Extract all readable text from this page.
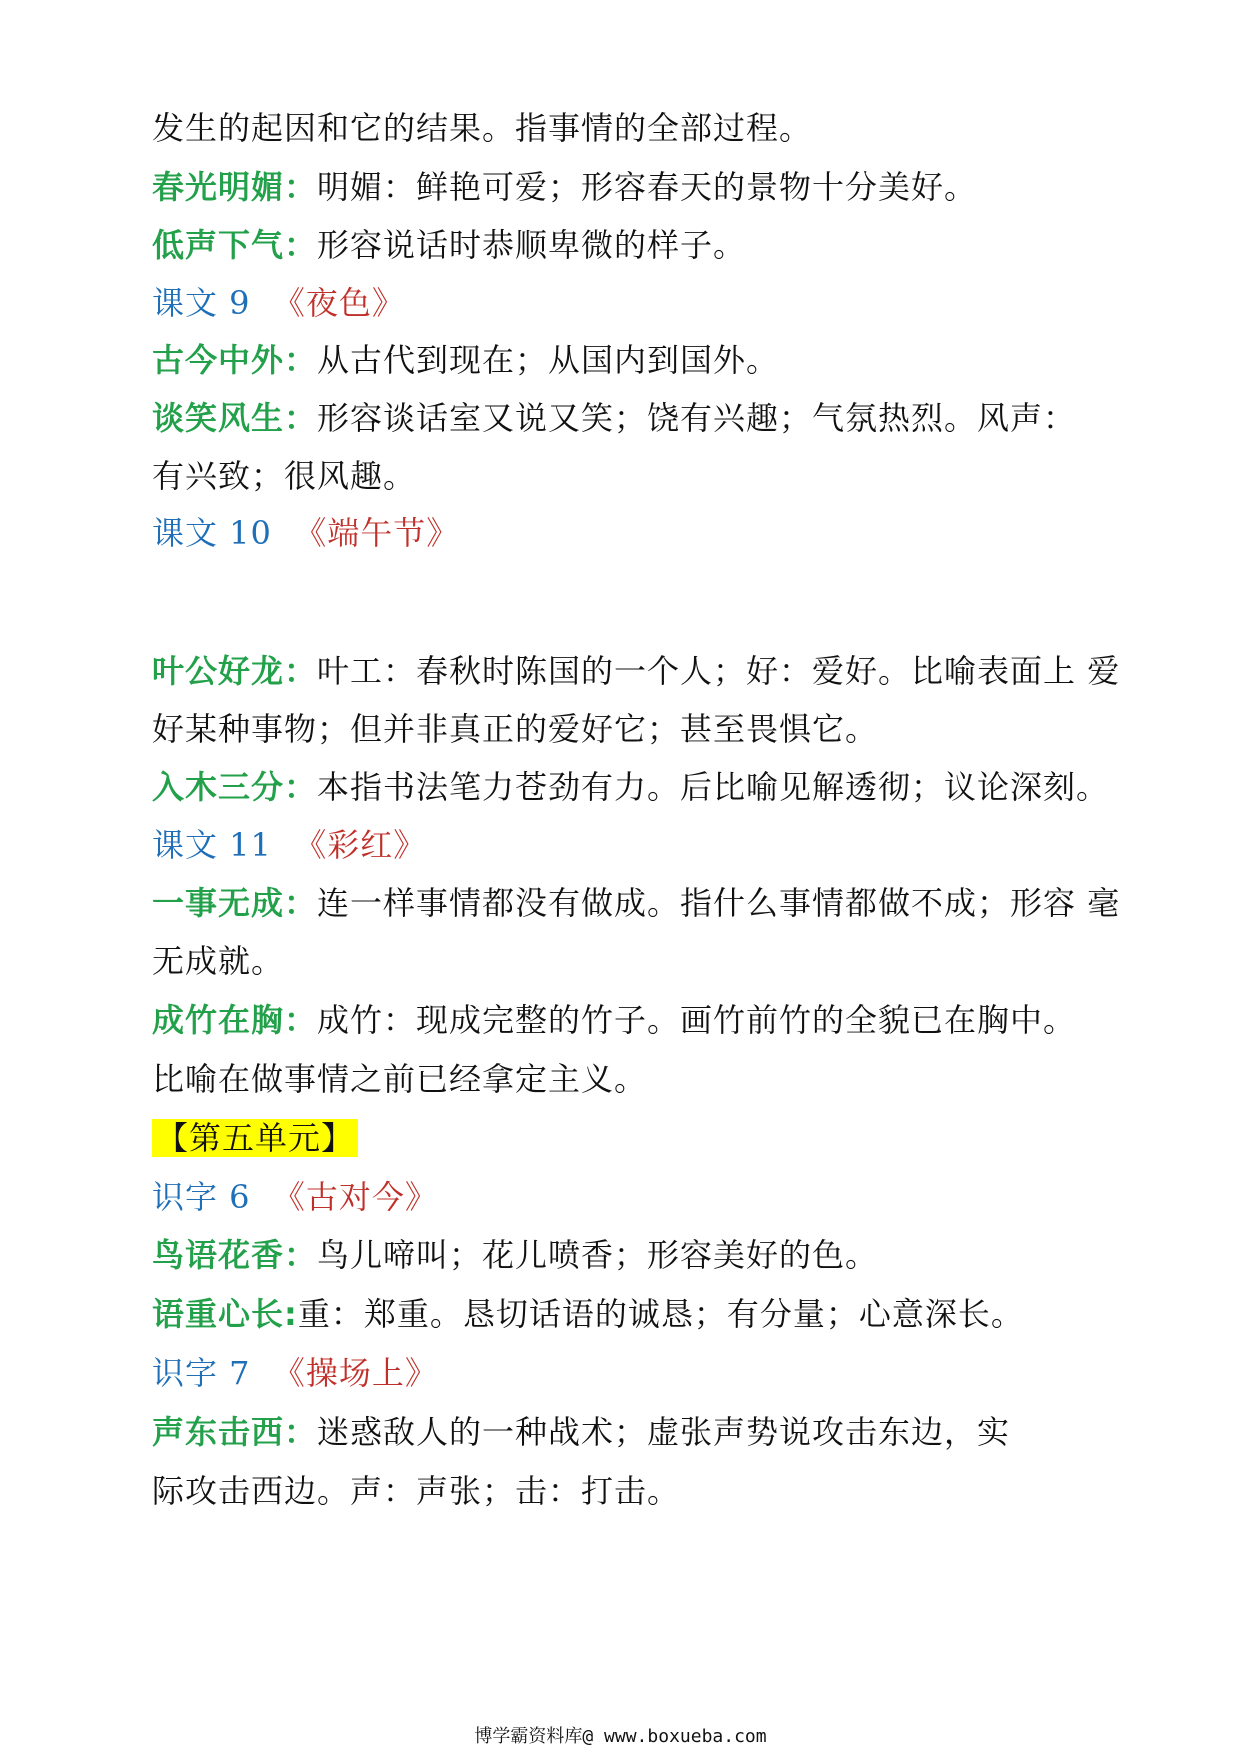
发生的起因和它的结果。指事情的全部过程。
春光明媚：明媚：鲜艳可爱；形容春天的景物十分美好。
低声下气：形容说话时恭顺卑微的样子。
课文 9 《夜色》
古今中外：从古代到现在；从国内到国外。
谈笑风生：形容谈话室又说又笑；饶有兴趣；气氛热烈。风声：
有兴致；很风趣。
课文 10 《端午节》
叶公好龙：叶工：春秋时陈国的一个人；好：爱好。比喻表面上 爱
好某种事物；但并非真正的爱好它；甚至畏惧它。
入木三分：本指书法笔力苍劲有力。后比喻见解透彻；议论深刻。
课文 11 《彩红》
一事无成：连一样事情都没有做成。指什么事情都做不成；形容 毫
无成就。
成竹在胸：成竹：现成完整的竹子。画竹前竹的全貌已在胸中。
比喻在做事情之前已经拿定主义。
【第五单元】
识字 6 《古对今》
鸟语花香：鸟儿啼叫；花儿喷香；形容美好的色。
语重心长:重：郑重。恳切话语的诚恳；有分量；心意深长。
识字 7 《操场上》
声东击西：迷惑敌人的一种战术；虚张声势说攻击东边，实
际攻击西边。声：声张；击：打击。
博学霸资料库@ www.boxueba.com
